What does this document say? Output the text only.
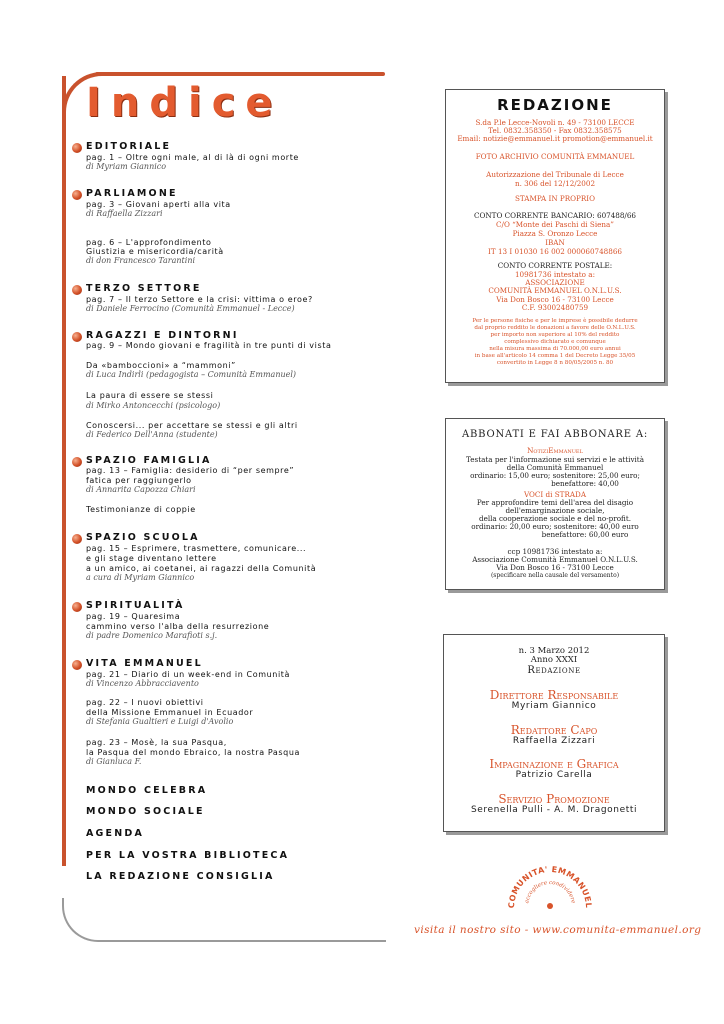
Indice
EDITORIALE
pag. 1 – Oltre ogni male, al di là di ogni morte
di Myriam Giannico
PARLIAMONE
pag. 3 – Giovani aperti alla vita
di Raffaella Zizzari
pag. 6 – L'approfondimento
Giustizia e misericordia/carità
di don Francesco Tarantini
TERZO SETTORE
pag. 7 – Il terzo Settore e la crisi: vittima o eroe?
di Daniele Ferrocino (Comunità Emmanuel - Lecce)
RAGAZZI E DINTORNI
pag. 9 – Mondo giovani e fragilità in tre punti di vista
Da «bamboccioni» a “mammoni”
di Luca Indirli (pedagogista – Comunità Emmanuel)
La paura di essere se stessi
di Mirko Antoncecchi (psicologo)
Conoscersi... per accettare se stessi e gli altri
di Federico Dell'Anna (studente)
SPAZIO FAMIGLIA
pag. 13 – Famiglia: desiderio di “per sempre”
fatica per raggiungerlo
di Annarita Capozza Chiari
Testimonianze di coppie
SPAZIO SCUOLA
pag. 15 – Esprimere, trasmettere, comunicare...
e gli stage diventano lettere
a un amico, ai coetanei, ai ragazzi della Comunità
a cura di Myriam Giannico
SPIRITUALITÀ
pag. 19 – Quaresima
cammino verso l'alba della resurrezione
di padre Domenico Marafioti s.j.
VITA EMMANUEL
pag. 21 – Diario di un week-end in Comunità
di Vincenzo Abbracciavento
pag. 22 – I nuovi obiettivi
della Missione Emmanuel in Ecuador
di Stefania Gualtieri e Luigi d'Avolio
pag. 23 – Mosè, la sua Pasqua,
la Pasqua del mondo Ebraico, la nostra Pasqua
di Gianluca F.
MONDO CELEBRA
MONDO SOCIALE
AGENDA
PER LA VOSTRA BIBLIOTECA
LA REDAZIONE CONSIGLIA
REDAZIONE
S.da P.le Lecce-Novoli n. 49 - 73100 LECCE
Tel. 0832.358350 - Fax 0832.358575
Email: notizie@emmanuel.it promotion@emmanuel.it
FOTO ARCHIVIO COMUNITÀ EMMANUEL
Autorizzazione del Tribunale di Lecce
n. 306 del 12/12/2002
STAMPA IN PROPRIO
CONTO CORRENTE BANCARIO: 607488/66
C/O “Monte dei Paschi di Siena”
Piazza S. Oronzo Lecce
IBAN
IT 13 I 01030 16 002 000060748866
CONTO CORRENTE POSTALE:
10981736 intestato a:
ASSOCIAZIONE
COMUNITÀ EMMANUEL O.N.L.U.S.
Via Don Bosco 16 - 73100 Lecce
C.F. 93002480759
Per le persone fisiche e per le imprese è possibile dedurre
dal proprio reddito le donazioni a favore delle O.N.L.U.S.
per importo non superiore al 10% del reddito
complessivo dichiarato e comunque
nella misura massima di 70.000,00 euro annui
in base all'articolo 14 comma 1 del Decreto Legge 35/05
convertito in Legge 8 n 80/05/2005 n. 80
ABBONATI E FAI ABBONARE A:
NotiziEmmanuel
Testata per l'informazione sui servizi e le attività
della Comunità Emmanuel
ordinario: 15,00 euro; sostenitore: 25,00 euro;
benefattore: 40,00
VOCI di STRADA
Per approfondire temi dell'area del disagio
dell'emarginazione sociale,
della cooperazione sociale e del no-profit.
ordinario: 20,00 euro; sostenitore: 40,00 euro
benefattore: 60,00 euro
ccp 10981736 intestato a:
Associazione Comunità Emmanuel O.N.L.U.S.
Via Don Bosco 16 - 73100 Lecce
(specificare nella causale del versamento)
n. 3 Marzo 2012
Anno XXXI
Redazione
Direttore Responsabile
Myriam Giannico
Redattore Capo
Raffaella Zizzari
Impaginazione e Grafica
Patrizio Carella
Servizio Promozione
Serenella Pulli - A. M. Dragonetti
COMUNITA' EMMANUEL
accogliere condividere
visita il nostro sito - www.comunita-emmanuel.org
